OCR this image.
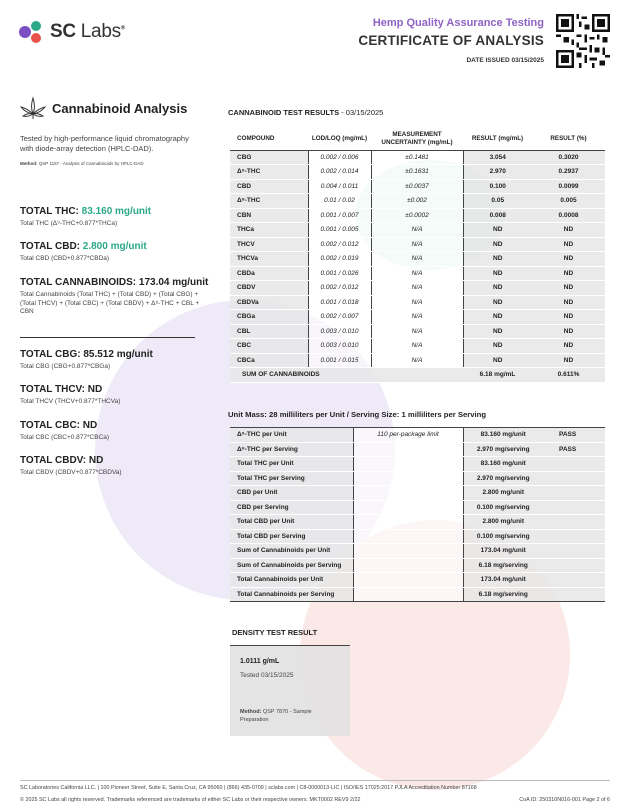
SC Labs®	Hemp Quality Assurance Testing
CERTIFICATE OF ANALYSIS
DATE ISSUED 03/15/2025
Cannabinoid Analysis
Tested by high-performance liquid chromatography with diode-array detection (HPLC-DAD).
Method: QSP 1157 - Analysis of Cannabinoids by HPLC-DAD
TOTAL THC: 83.160 mg/unit
Total THC (Δ⁹-THC+0.877*THCa)
TOTAL CBD: 2.800 mg/unit
Total CBD (CBD+0.877*CBDa)
TOTAL CANNABINOIDS: 173.04 mg/unit
Total Cannabinoids (Total THC) + (Total CBD) + (Total CBG) + (Total THCV) + (Total CBC) + (Total CBDV) + Δ⁸-THC + CBL + CBN
TOTAL CBG: 85.512 mg/unit
Total CBG (CBG+0.877*CBGa)
TOTAL THCV: ND
Total THCV (THCV+0.877*THCVa)
TOTAL CBC: ND
Total CBC (CBC+0.877*CBCa)
TOTAL CBDV: ND
Total CBDV (CBDV+0.877*CBDVa)
CANNABINOID TEST RESULTS - 03/15/2025
COMPOUND	LOD/LOQ (mg/mL)	MEASUREMENT UNCERTAINTY (mg/mL)	RESULT (mg/mL)	RESULT (%)
CBG	0.002 / 0.006	±0.1481	3.054	0.3020
Δ⁹-THC	0.002 / 0.014	±0.1631	2.970	0.2937
CBD	0.004 / 0.011	±0.0037	0.100	0.0099
Δ⁸-THC	0.01 / 0.02	±0.002	0.05	0.005
CBN	0.001 / 0.007	±0.0002	0.008	0.0008
THCa	0.001 / 0.005	N/A	ND	ND
THCV	0.002 / 0.012	N/A	ND	ND
THCVa	0.002 / 0.019	N/A	ND	ND
CBDa	0.001 / 0.026	N/A	ND	ND
CBDV	0.002 / 0.012	N/A	ND	ND
CBDVa	0.001 / 0.018	N/A	ND	ND
CBGa	0.002 / 0.007	N/A	ND	ND
CBL	0.003 / 0.010	N/A	ND	ND
CBC	0.003 / 0.010	N/A	ND	ND
CBCa	0.001 / 0.015	N/A	ND	ND
SUM OF CANNABINOIDS			6.18 mg/mL	0.611%
Unit Mass: 28 milliliters per Unit / Serving Size: 1 milliliters per Serving
Δ⁹-THC per Unit	110 per-package limit	83.160 mg/unit	PASS
Δ⁹-THC per Serving		2.970 mg/serving	PASS
Total THC per Unit		83.160 mg/unit	
Total THC per Serving		2.970 mg/serving	
CBD per Unit		2.800 mg/unit	
CBD per Serving		0.100 mg/serving	
Total CBD per Unit		2.800 mg/unit	
Total CBD per Serving		0.100 mg/serving	
Sum of Cannabinoids per Unit		173.04 mg/unit	
Sum of Cannabinoids per Serving		6.18 mg/serving	
Total Cannabinoids per Unit		173.04 mg/unit	
Total Cannabinoids per Serving		6.18 mg/serving	
DENSITY TEST RESULT
1.0111 g/mL
Tested 03/15/2025
Method: QSP 7870 - Sample Preparation
SC Laboratories California LLC. | 100 Pioneer Street, Suite E, Santa Cruz, CA 95060 | (866) 435-0709 | sclabs.com | C8-0000013-LIC | ISO/IES 17025:2017 PJLA Accreditation Number 87168
© 2025 SC Labs all rights reserved. Trademarks referenced are trademarks of either SC Labs or their respective owners. MKT0002 REV9 2/22	CoA ID: 250310N016-001 Page 2 of 6
